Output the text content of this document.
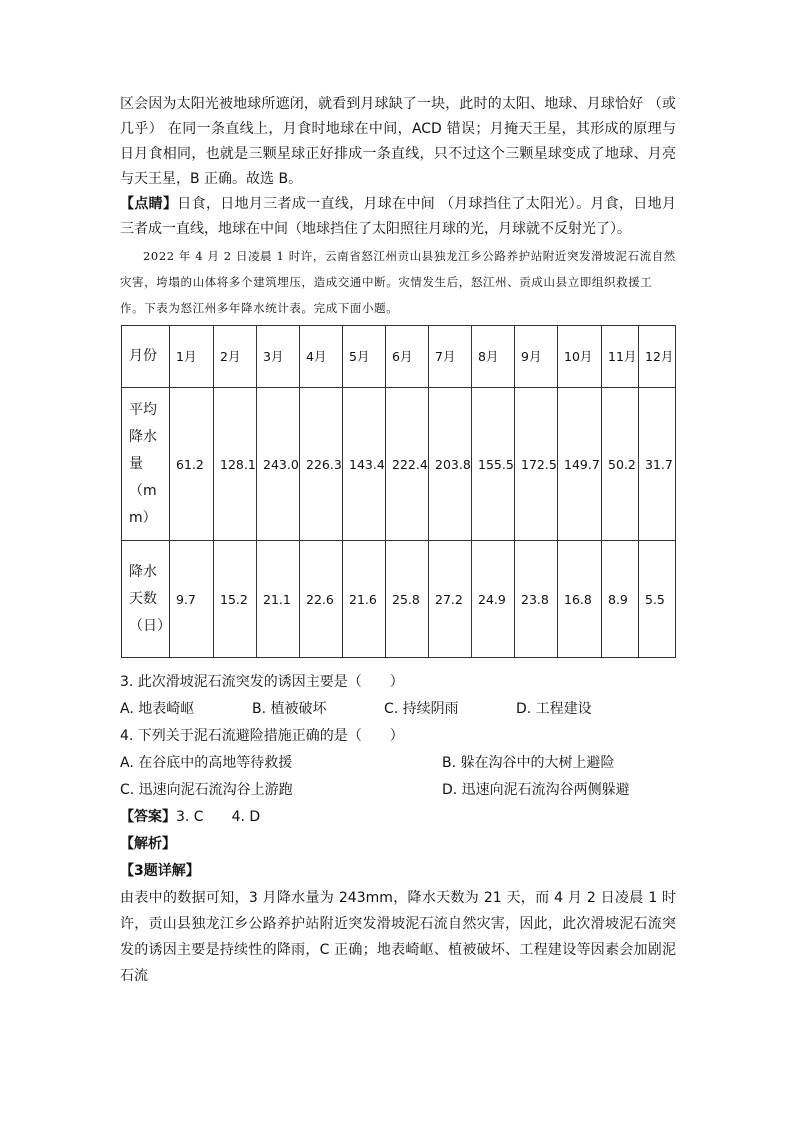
区会因为太阳光被地球所遮闭，就看到月球缺了一块，此时的太阳、地球、月球恰好 （或几乎） 在同一条直线上，月食时地球在中间，ACD 错误；月掩天王星，其形成的原理与日月食相同，也就是三颗星球正好排成一条直线，只不过这个三颗星球变成了地球、月亮与天王星，B 正确。故选 B。

【点睛】日食，日地月三者成一直线，月球在中间 （月球挡住了太阳光）。月食，日地月三者成一直线，地球在中间（地球挡住了太阳照往月球的光，月球就不反射光了）。

2022 年 4 月 2 日凌晨 1 时许，云南省怒江州贡山县独龙江乡公路养护站附近突发滑坡泥石流自然灾害，垮塌的山体将多个建筑埋压，造成交通中断。灾情发生后，怒江州、贡成山县立即组织救援工作。下表为怒江州多年降水统计表。完成下面小题。

月份	1月	2月	3月	4月	5月	6月	7月	8月	9月	10月	11月	12月
平均降水量（mm）	61.2	128.1	243.0	226.3	143.4	222.4	203.8	155.5	172.5	149.7	50.2	31.7
降水天数（日）	9.7	15.2	21.1	22.6	21.6	25.8	27.2	24.9	23.8	16.8	8.9	5.5

3. 此次滑坡泥石流突发的诱因主要是（　　）

A. 地表崎岖	B. 植被破坏	C. 持续阴雨	D. 工程建设

4. 下列关于泥石流避险措施正确的是（　　）

A. 在谷底中的高地等待救援	B. 躲在沟谷中的大树上避险
C. 迅速向泥石流沟谷上游跑	D. 迅速向泥石流沟谷两侧躲避

【答案】3. C　　4. D

【解析】

【3题详解】

由表中的数据可知，3 月降水量为 243mm，降水天数为 21 天，而 4 月 2 日凌晨 1 时许，贡山县独龙江乡公路养护站附近突发滑坡泥石流自然灾害，因此，此次滑坡泥石流突发的诱因主要是持续性的降雨，C 正确；地表崎岖、植被破坏、工程建设等因素会加剧泥石流
